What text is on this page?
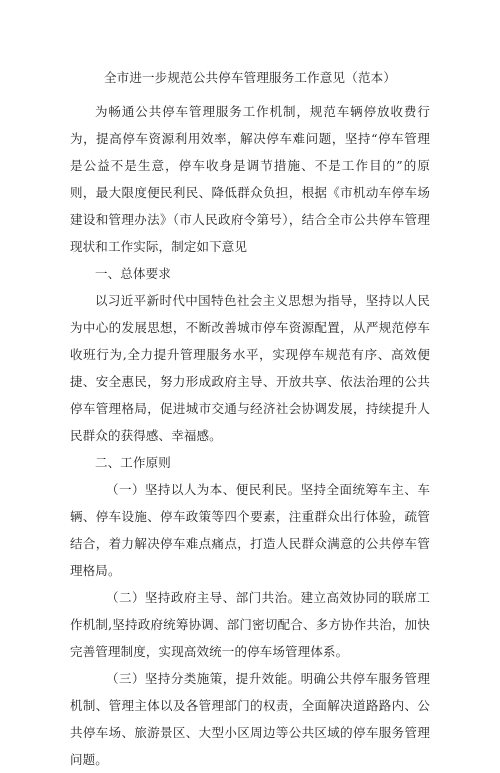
全市进一步规范公共停车管理服务工作意见（范本）

为畅通公共停车管理服务工作机制，规范车辆停放收费行为，提高停车资源利用效率，解决停车难问题，坚持“停车管理是公益不是生意，停车收身是调节措施、不是工作目的”的原则，最大限度便民利民、降低群众负担，根据《市机动车停车场建设和管理办法》（市人民政府令第号），结合全市公共停车管理现状和工作实际，制定如下意见

一、总体要求

以习近平新时代中国特色社会主义思想为指导，坚持以人民为中心的发展思想，不断改善城市停车资源配置，从严规范停车收班行为,全力提升管理服务水平，实现停车规范有序、高效便捷、安全惠民，努力形成政府主导、开放共享、依法治理的公共停车管理格局，促进城市交通与经济社会协调发展，持续提升人民群众的获得感、幸福感。

二、工作原则

（一）坚持以人为本、便民利民。坚持全面统筹车主、车辆、停车设施、停车政策等四个要素，注重群众出行体验，疏管结合，着力解决停车难点痛点，打造人民群众满意的公共停车管理格局。

（二）坚持政府主导、部门共治。建立高效协同的联席工作机制,坚持政府统筹协调、部门密切配合、多方协作共治，加快完善管理制度，实现高效统一的停车场管理体系。

（三）坚持分类施策，提升效能。明确公共停车服务管理机制、管理主体以及各管理部门的权责，全面解决道路路内、公共停车场、旅游景区、大型小区周边等公共区域的停车服务管理问题。
